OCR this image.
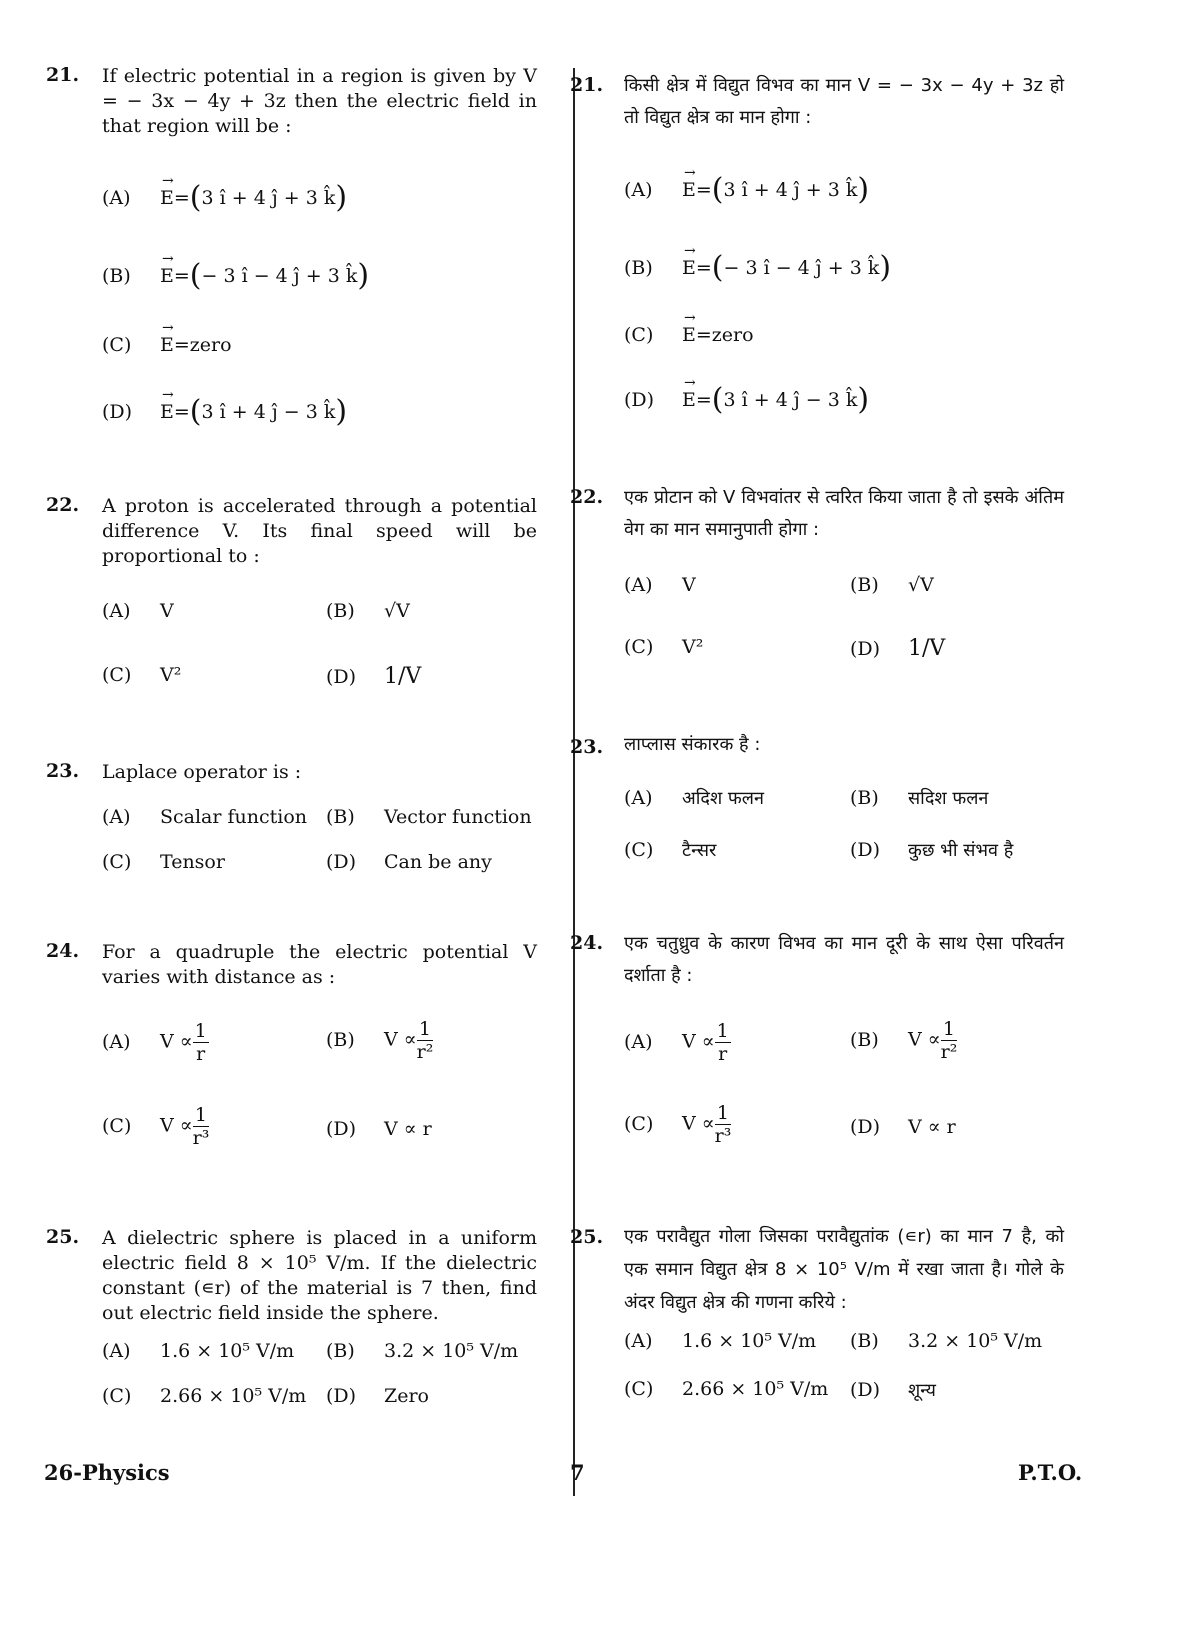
21. If electric potential in a region is given by V = − 3x − 4y + 3z then the electric field in that region will be :
(A)
→
E=(3 î + 4 ĵ + 3 k̂)
(B)
→
E=(− 3 î − 4 ĵ + 3 k̂)
(C)
→
E=zero
(D)
→
E=(3 î + 4 ĵ − 3 k̂)
22. A proton is accelerated through a potential difference V. Its final speed will be proportional to :
(A) V	(B) √V
(C) V²	(D) 1/V
23. Laplace operator is :
(A) Scalar function (B) Vector function
(C) Tensor	(D) Can be any
24. For a quadruple the electric potential V varies with distance as :
(A) $V \propto \frac{1}{r}$	(B) $V \propto \frac{1}{\text{r²}}$
(C) $V \propto \frac{1}{\text{r³}}$	(D) V ∝ r
25. A dielectric sphere is placed in a uniform electric field 8 × 10⁵ V/m. If the dielectric constant (∊r) of the material is 7 then, find out electric field inside the sphere.
(A) 1.6 × 10⁵ V/m (B) 3.2 × 10⁵ V/m
(C) 2.66 × 10⁵ V/m (D) Zero
21. किसी क्षेत्र में विद्युत विभव का मान V = − 3x − 4y + 3z हो तो विद्युत क्षेत्र का मान होगा :
(A)
→
E=(3 î + 4 ĵ + 3 k̂)
(B)
→
E=(− 3 î − 4 ĵ + 3 k̂)
(C)
→
E=zero
(D)
→
E=(3 î + 4 ĵ − 3 k̂)
22. एक प्रोटान को V विभवांतर से त्वरित किया जाता है तो इसके अंतिम वेग का मान समानुपाती होगा :
(A) V	(B) √V
(C) V²	(D) 1/V
23. लाप्लास संकारक है :
(A) अदिश फलन	(B) सदिश फलन
(C) टैन्सर	(D) कुछ भी संभव है
24. एक चतुध्रुव के कारण विभव का मान दूरी के साथ ऐसा परिवर्तन दर्शाता है :
(A) $V \propto \frac{1}{r}$	(B) $V \propto \frac{1}{\text{r²}}$
(C) $V \propto \frac{1}{\text{r³}}$	(D) V ∝ r
25. एक परावैद्युत गोला जिसका परावैद्युतांक (∊r) का मान 7 है, को एक समान विद्युत क्षेत्र 8 × 10⁵ V/m में रखा जाता है। गोले के अंदर विद्युत क्षेत्र की गणना करिये :
(A) 1.6 × 10⁵ V/m (B) 3.2 × 10⁵ V/m
(C) 2.66 × 10⁵ V/m (D) शून्य
26-Physics	7	P.T.O.
